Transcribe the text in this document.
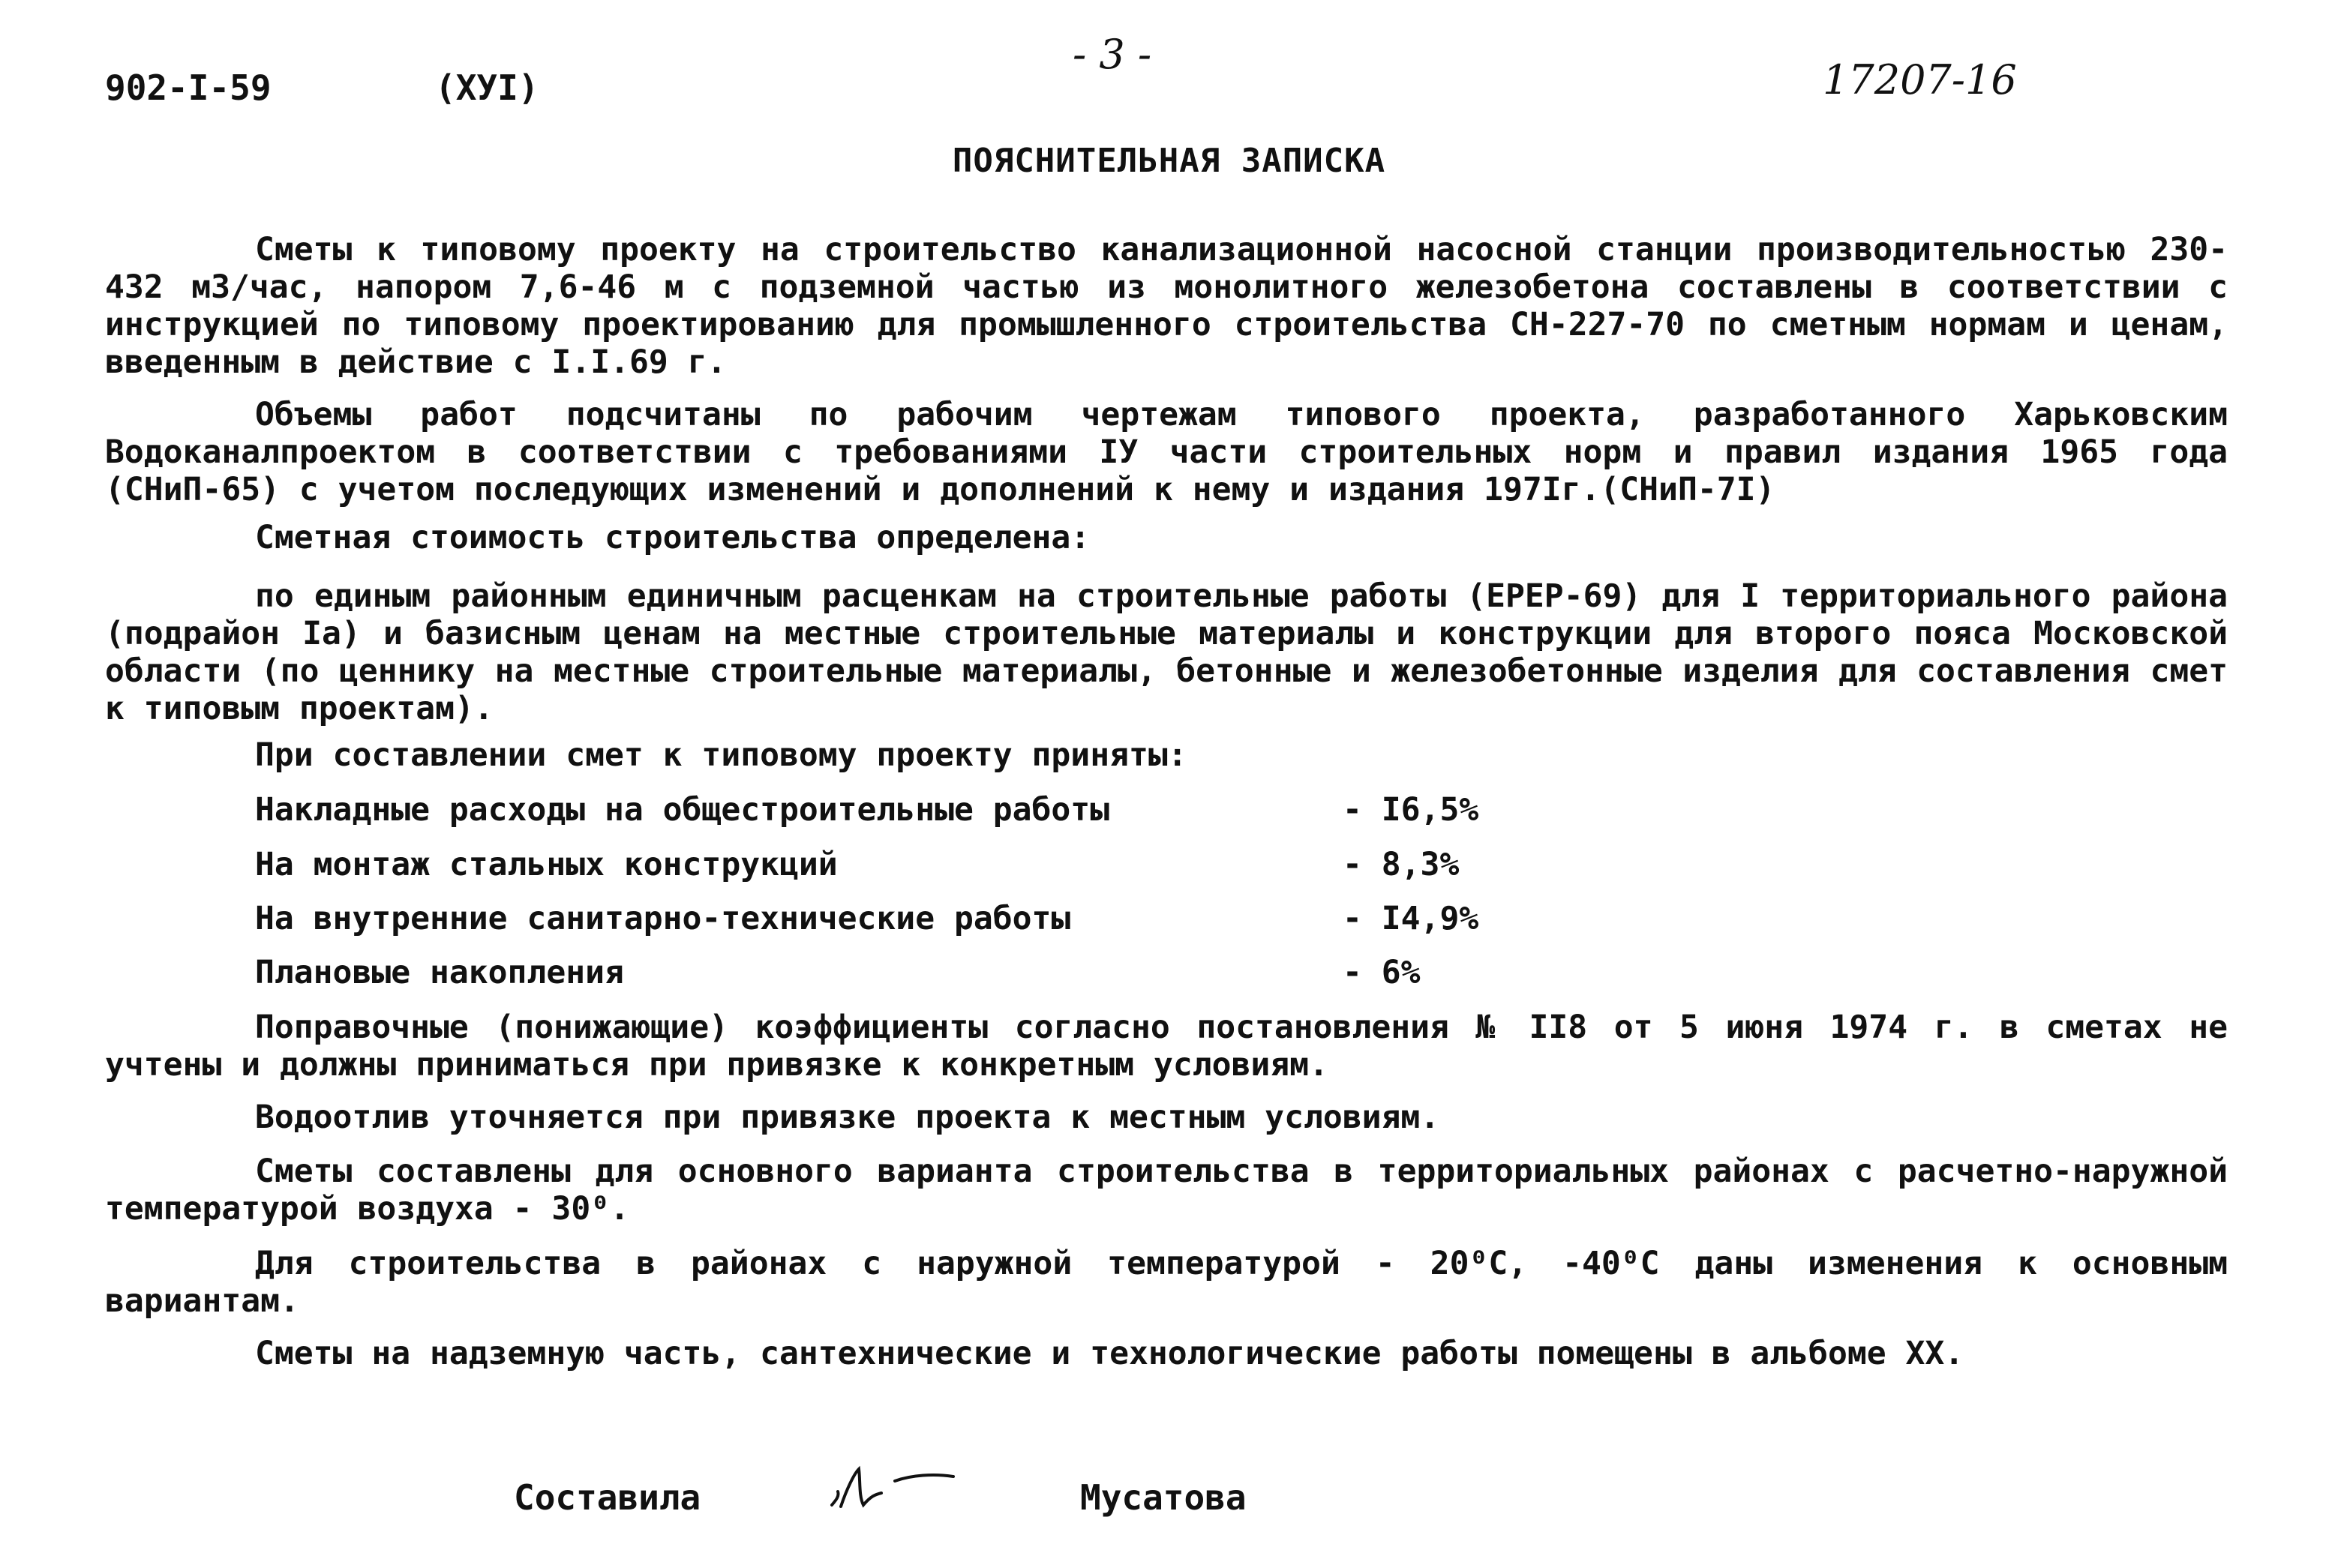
902-I-59	(XУI)
- 3 -
17207-16
ПОЯСНИТЕЛЬНАЯ ЗАПИСКА
Сметы к типовому проекту на строительство канализационной насосной станции производительностью 230-432 м3/час, напором 7,6-46 м с подземной частью из монолитного железобетона составлены в соответствии с инструкцией по типовому проектированию для промышленного строительства СН-227-70 по сметным нормам и ценам, введенным в действие с I.I.69 г.
Объемы работ подсчитаны по рабочим чертежам типового проекта, разработанного Харьковским Водоканалпроектом в соответствии с требованиями IУ части строительных норм и правил издания 1965 года (СНиП-65) с учетом последующих изменений и дополнений к нему и издания 197Iг.(СНиП-7I)
Сметная стоимость строительства определена:
по единым районным единичным расценкам на строительные работы (ЕРЕР-69) для I территориального района (подрайон Iа) и базисным ценам на местные строительные материалы и конструкции для второго пояса Московской области (по ценнику на местные строительные материалы, бетонные и железобетонные изделия для составления смет к типовым проектам).
При составлении смет к типовому проекту приняты:
Накладные расходы на общестроительные работы	- I6,5%
На монтаж стальных конструкций	- 8,3%
На внутренние санитарно-технические работы	- I4,9%
Плановые накопления	- 6%
Поправочные (понижающие) коэффициенты согласно постановления № II8 от 5 июня 1974 г. в сметах не учтены и должны приниматься при привязке к конкретным условиям.
Водоотлив уточняется при привязке проекта к местным условиям.
Сметы составлены для основного варианта строительства в территориальных районах с расчетно-наружной температурой воздуха - 30⁰.
Для строительства в районах с наружной температурой - 20⁰С, -40⁰С даны изменения к основным вариантам.
Сметы на надземную часть, сантехнические и технологические работы помещены в альбоме XX.
Составила	Мусатова
